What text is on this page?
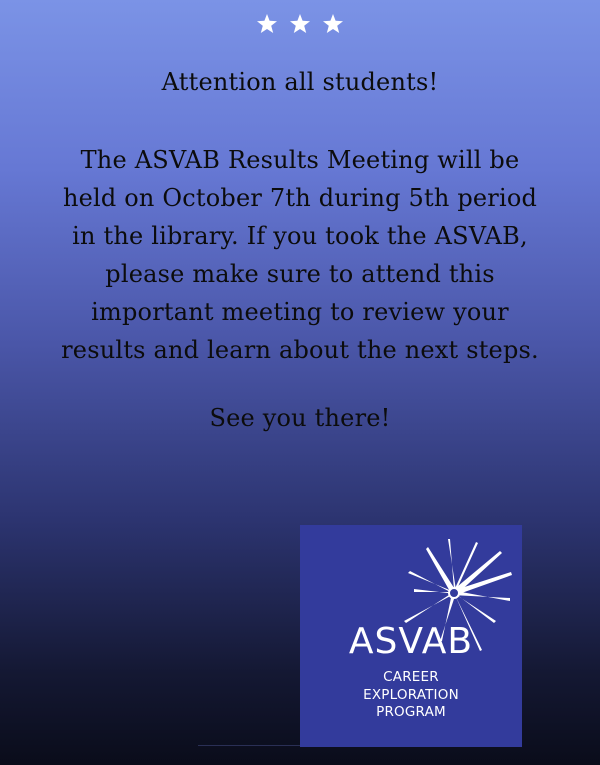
Attention all students!
The ASVAB Results Meeting will be
held on October 7th during 5th period
in the library. If you took the ASVAB,
please make sure to attend this
important meeting to review your
results and learn about the next steps.
See you there!
ASVAB
CAREER
EXPLORATION
PROGRAM
